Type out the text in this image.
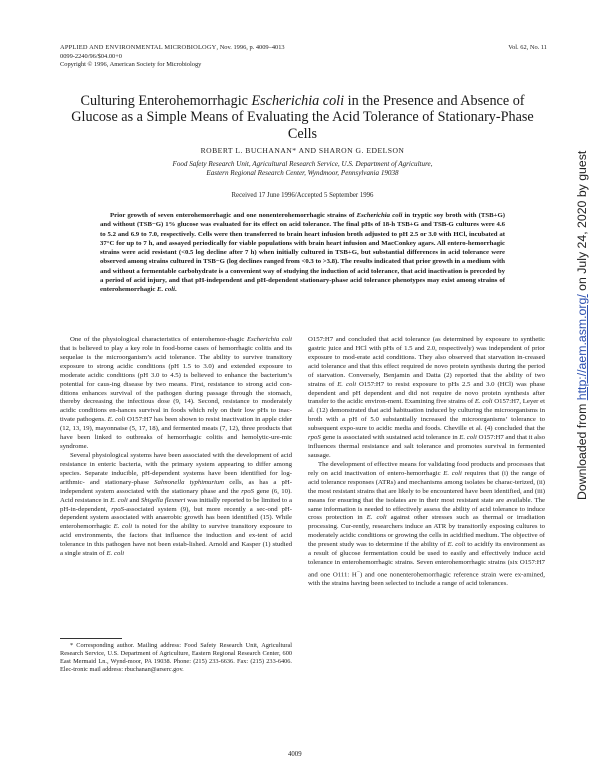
APPLIED AND ENVIRONMENTAL MICROBIOLOGY, Nov. 1996, p. 4009–4013
0099-2240/96/$04.00+0
Copyright © 1996, American Society for Microbiology
Vol. 62, No. 11
Culturing Enterohemorrhagic Escherichia coli in the Presence and Absence of Glucose as a Simple Means of Evaluating the Acid Tolerance of Stationary-Phase Cells
ROBERT L. BUCHANAN* AND SHARON G. EDELSON
Food Safety Research Unit, Agricultural Research Service, U.S. Department of Agriculture,
Eastern Regional Research Center, Wyndmoor, Pennsylvania 19038
Received 17 June 1996/Accepted 5 September 1996
Prior growth of seven enterohemorrhagic and one nonenterohemorrhagic strains of Escherichia coli in tryptic soy broth with (TSB+G) and without (TSB−G) 1% glucose was evaluated for its effect on acid tolerance. The final pHs of 18-h TSB+G and TSB-G cultures were 4.6 to 5.2 and 6.9 to 7.0, respectively. Cells were then transferred to brain heart infusion broth adjusted to pH 2.5 or 3.0 with HCl, incubated at 37°C for up to 7 h, and assayed periodically for viable populations with brain heart infusion and MacConkey agars. All entero-hemorrhagic strains were acid resistant (<0.5 log decline after 7 h) when initially cultured in TSB+G, but substantial differences in acid tolerance were observed among strains cultured in TSB−G (log declines ranged from <0.3 to >3.8). The results indicated that prior growth in a medium with and without a fermentable carbohydrate is a convenient way of studying the induction of acid tolerance, that acid inactivation is preceded by a period of acid injury, and that pH-independent and pH-dependent stationary-phase acid tolerance phenotypes may exist among strains of enterohemorrhagic E. coli.

One of the physiological characteristics of enterohemor-rhagic Escherichia coli that is believed to play a key role in food-borne cases of hemorrhagic colitis and its sequelae is the microorganism’s acid tolerance. The ability to survive transitory exposure to strong acidic conditions (pH 1.5 to 3.0) and extended exposure to moderate acidic conditions (pH 3.0 to 4.5) is believed to enhance the bacterium’s potential for caus-ing disease by two means. First, resistance to strong acid con-ditions enhances survival of the pathogen during passage through the stomach, thereby decreasing the infectious dose (9, 14). Second, resistance to moderately acidic conditions en-hances survival in foods which rely on their low pHs to inac-tivate pathogens. E. coli O157:H7 has been shown to resist inactivation in apple cider (12, 13, 19), mayonnaise (5, 17, 18), and fermented meats (7, 12), three products that have been linked to outbreaks of hemorrhagic colitis and hemolytic-ure-mic syndrome.

Several physiological systems have been associated with the development of acid resistance in enteric bacteria, with the primary system appearing to differ among species. Separate inducible, pH-dependent systems have been identified for log-arithmic- and stationary-phase Salmonella typhimurium cells, as has a pH-independent system associated with the stationary phase and the rpoS gene (6, 10). Acid resistance in E. coli and Shigella flexneri was initially reported to be limited to a pH-in-dependent, rpoS-associated system (9), but more recently a sec-ond pH-dependent system associated with anaerobic growth has been identified (15). While enterohemorrhagic E. coli is noted for the ability to survive transitory exposure to acid environments, the factors that influence the induction and ex-tent of acid tolerance in this pathogen have not been estab-lished. Arnold and Kasper (1) studied a single strain of E. coli

O157:H7 and concluded that acid tolerance (as determined by exposure to synthetic gastric juice and HCl with pHs of 1.5 and 2.0, respectively) was independent of prior exposure to mod-erate acid conditions. They also observed that starvation in-creased acid tolerance and that this effect required de novo protein synthesis during the period of starvation. Conversely, Benjamin and Datta (2) reported that the ability of two strains of E. coli O157:H7 to resist exposure to pHs 2.5 and 3.0 (HCl) was phase dependent and pH dependent and did not require de novo protein synthesis after transfer to the acidic environ-ment. Examining five strains of E. coli O157:H7, Leyer et al. (12) demonstrated that acid habituation induced by culturing the microorganisms in broth with a pH of 5.0 substantially increased the microorganisms’ tolerance to subsequent expo-sure to acidic media and foods. Cheville et al. (4) concluded that the rpoS gene is associated with sustained acid tolerance in E. coli O157:H7 and that it also influences thermal resistance and salt tolerance and promotes survival in fermented sausage.

The development of effective means for validating food products and processes that rely on acid inactivation of entero-hemorrhagic E. coli requires that (i) the range of acid tolerance responses (ATRs) and mechanisms among isolates be charac-terized, (ii) the most resistant strains that are likely to be encountered have been identified, and (iii) means for ensuring that the isolates are in their most resistant state are available. The same information is needed to effectively assess the ability of acid tolerance to induce cross protection in E. coli against other stresses such as thermal or irradiation processing. Cur-rently, researchers induce an ATR by transitorily exposing cultures to moderately acidic conditions or growing the cells in acidified medium. The objective of the present study was to determine if the ability of E. coli to acidify its environment as a result of glucose fermentation could be used to easily and effectively induce acid tolerance in enterohemorrhagic strains. Seven enterohemorrhagic strains (six O157:H7 and one O111: H−) and one nonenterohemorrhagic reference strain were ex-amined, with the strains having been selected to include a range of acid tolerances.

* Corresponding author. Mailing address: Food Safety Research Unit, Agricultural Research Service, U.S. Department of Agriculture, Eastern Regional Research Center, 600 East Mermaid Ln., Wynd-moor, PA 19038. Phone: (215) 233-6636. Fax: (215) 233-6406. Elec-tronic mail address: rbuchanan@arserc.gov.
4009
Downloaded from http://aem.asm.org/ on July 24, 2020 by guest
